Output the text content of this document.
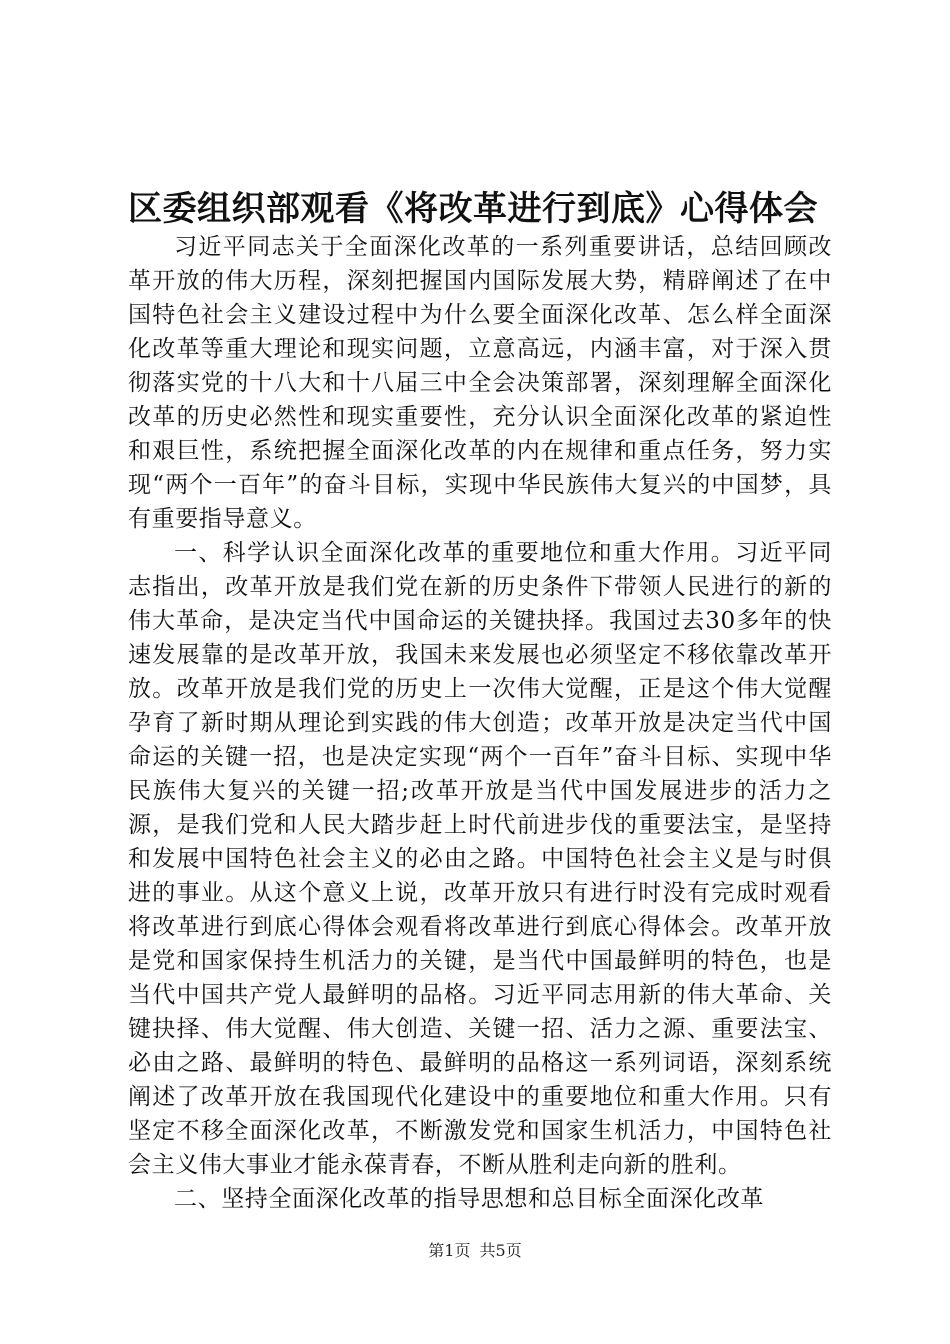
区委组织部观看《将改革进行到底》心得体会

习近平同志关于全面深化改革的一系列重要讲话，总结回顾改革开放的伟大历程，深刻把握国内国际发展大势，精辟阐述了在中国特色社会主义建设过程中为什么要全面深化改革、怎么样全面深化改革等重大理论和现实问题，立意高远，内涵丰富，对于深入贯彻落实党的十八大和十八届三中全会决策部署，深刻理解全面深化改革的历史必然性和现实重要性，充分认识全面深化改革的紧迫性和艰巨性，系统把握全面深化改革的内在规律和重点任务，努力实现“两个一百年”的奋斗目标，实现中华民族伟大复兴的中国梦，具有重要指导意义。

一、科学认识全面深化改革的重要地位和重大作用。习近平同志指出，改革开放是我们党在新的历史条件下带领人民进行的新的伟大革命，是决定当代中国命运的关键抉择。我国过去30多年的快速发展靠的是改革开放，我国未来发展也必须坚定不移依靠改革开放。改革开放是我们党的历史上一次伟大觉醒，正是这个伟大觉醒孕育了新时期从理论到实践的伟大创造；改革开放是决定当代中国命运的关键一招，也是决定实现“两个一百年”奋斗目标、实现中华民族伟大复兴的关键一招;改革开放是当代中国发展进步的活力之源，是我们党和人民大踏步赶上时代前进步伐的重要法宝，是坚持和发展中国特色社会主义的必由之路。中国特色社会主义是与时俱进的事业。从这个意义上说，改革开放只有进行时没有完成时观看将改革进行到底心得体会观看将改革进行到底心得体会。改革开放是党和国家保持生机活力的关键，是当代中国最鲜明的特色，也是当代中国共产党人最鲜明的品格。习近平同志用新的伟大革命、关键抉择、伟大觉醒、伟大创造、关键一招、活力之源、重要法宝、必由之路、最鲜明的特色、最鲜明的品格这一系列词语，深刻系统阐述了改革开放在我国现代化建设中的重要地位和重大作用。只有坚定不移全面深化改革，不断激发党和国家生机活力，中国特色社会主义伟大事业才能永葆青春，不断从胜利走向新的胜利。

二、坚持全面深化改革的指导思想和总目标全面深化改革

第1页 共5页
